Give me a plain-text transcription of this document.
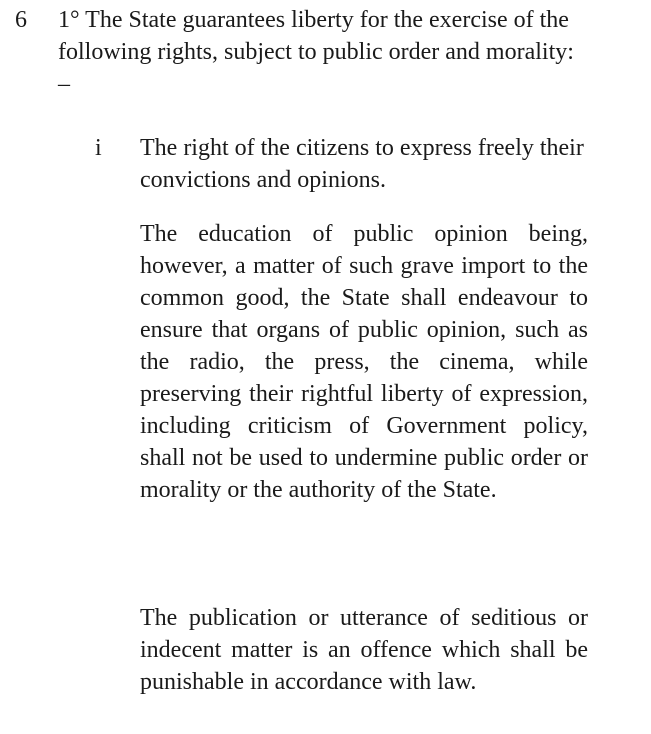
6 1° The State guarantees liberty for the exercise of the following rights, subject to public order and morality: –
i The right of the citizens to express freely their convictions and opinions.
The education of public opinion being, however, a matter of such grave import to the common good, the State shall endeavour to ensure that organs of public opinion, such as the radio, the press, the cinema, while preserving their rightful liberty of expression, including criticism of Government policy, shall not be used to undermine public order or morality or the authority of the State.
The publication or utterance of seditious or indecent matter is an offence which shall be punishable in accordance with law.
